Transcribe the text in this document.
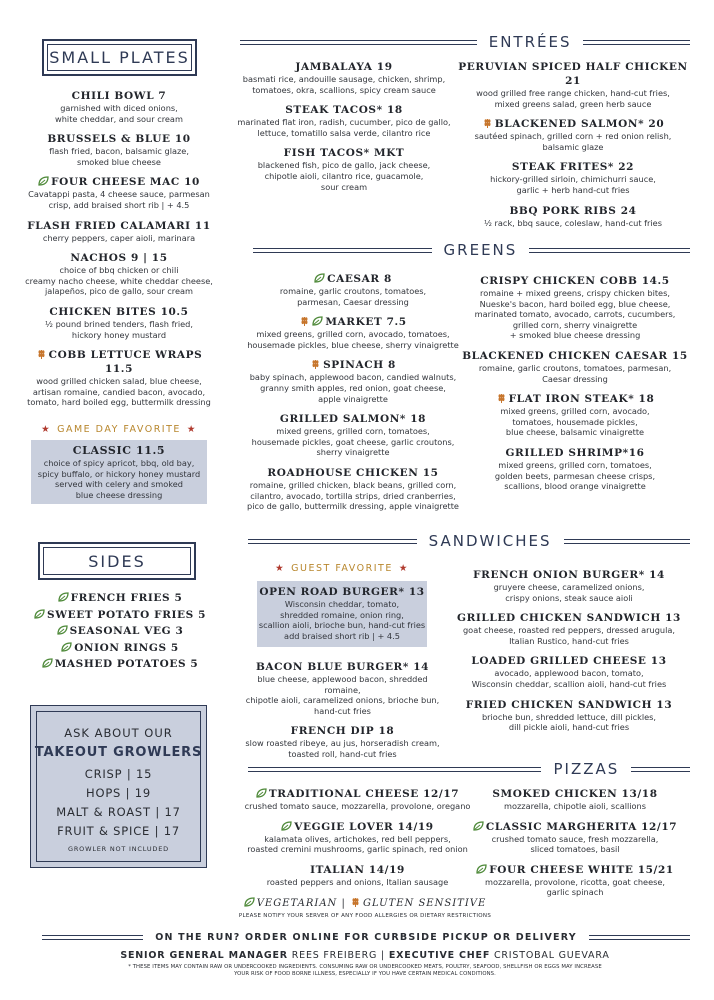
SMALL PLATES
CHILI BOWL 7
garnished with diced onions,
white cheddar, and sour cream
BRUSSELS & BLUE 10
flash fried, bacon, balsamic glaze,
smoked blue cheese
FOUR CHEESE MAC 10
Cavatappi pasta, 4 cheese sauce, parmesan
crisp, add braised short rib | + 4.5
FLASH FRIED CALAMARI 11
cherry peppers, caper aioli, marinara
NACHOS 9 | 15
choice of bbq chicken or chili
creamy nacho cheese, white cheddar cheese,
jalapeños, pico de gallo, sour cream
CHICKEN BITES 10.5
½ pound brined tenders, flash fried,
hickory honey mustard
COBB LETTUCE WRAPS 11.5
wood grilled chicken salad, blue cheese,
artisan romaine, candied bacon, avocado,
tomato, hard boiled egg, buttermilk dressing
★ GAME DAY FAVORITE ★
CLASSIC 11.5
choice of spicy apricot, bbq, old bay,
spicy buffalo, or hickory honey mustard
served with celery and smoked
blue cheese dressing
SIDES
FRENCH FRIES 5
SWEET POTATO FRIES 5
SEASONAL VEG 3
ONION RINGS 5
MASHED POTATOES 5
ASK ABOUT OUR
TAKEOUT GROWLERS
CRISP | 15
HOPS | 19
MALT & ROAST | 17
FRUIT & SPICE | 17
GROWLER NOT INCLUDED
ENTRÉES
JAMBALAYA 19
basmati rice, andouille sausage, chicken, shrimp,
tomatoes, okra, scallions, spicy cream sauce
STEAK TACOS* 18
marinated flat iron, radish, cucumber, pico de gallo,
lettuce, tomatillo salsa verde, cilantro rice
FISH TACOS* MKT
blackened fish, pico de gallo, jack cheese,
chipotle aioli, cilantro rice, guacamole,
sour cream
PERUVIAN SPICED HALF CHICKEN 21
wood grilled free range chicken, hand-cut fries,
mixed greens salad, green herb sauce
BLACKENED SALMON* 20
sautéed spinach, grilled corn + red onion relish,
balsamic glaze
STEAK FRITES* 22
hickory-grilled sirloin, chimichurri sauce,
garlic + herb hand-cut fries
BBQ PORK RIBS 24
½ rack, bbq sauce, coleslaw, hand-cut fries
GREENS
CAESAR 8
romaine, garlic croutons, tomatoes,
parmesan, Caesar dressing
MARKET 7.5
mixed greens, grilled corn, avocado, tomatoes,
housemade pickles, blue cheese, sherry vinaigrette
SPINACH 8
baby spinach, applewood bacon, candied walnuts,
granny smith apples, red onion, goat cheese,
apple vinaigrette
GRILLED SALMON* 18
mixed greens, grilled corn, tomatoes,
housemade pickles, goat cheese, garlic croutons,
sherry vinaigrette
ROADHOUSE CHICKEN 15
romaine, grilled chicken, black beans, grilled corn,
cilantro, avocado, tortilla strips, dried cranberries,
pico de gallo, buttermilk dressing, apple vinaigrette
CRISPY CHICKEN COBB 14.5
romaine + mixed greens, crispy chicken bites,
Nueske's bacon, hard boiled egg, blue cheese,
marinated tomato, avocado, carrots, cucumbers,
grilled corn, sherry vinaigrette
+ smoked blue cheese dressing
BLACKENED CHICKEN CAESAR 15
romaine, garlic croutons, tomatoes, parmesan,
Caesar dressing
FLAT IRON STEAK* 18
mixed greens, grilled corn, avocado,
tomatoes, housemade pickles,
blue cheese, balsamic vinaigrette
GRILLED SHRIMP*16
mixed greens, grilled corn, tomatoes,
golden beets, parmesan cheese crisps,
scallions, blood orange vinaigrette
SANDWICHES
★ GUEST FAVORITE ★
OPEN ROAD BURGER* 13
Wisconsin cheddar, tomato,
shredded romaine, onion ring,
scallion aioli, brioche bun, hand-cut fries
add braised short rib | + 4.5
BACON BLUE BURGER* 14
blue cheese, applewood bacon, shredded romaine,
chipotle aioli, caramelized onions, brioche bun,
hand-cut fries
FRENCH DIP 18
slow roasted ribeye, au jus, horseradish cream,
toasted roll, hand-cut fries
FRENCH ONION BURGER* 14
gruyere cheese, caramelized onions,
crispy onions, steak sauce aioli
GRILLED CHICKEN SANDWICH 13
goat cheese, roasted red peppers, dressed arugula,
Italian Rustico, hand-cut fries
LOADED GRILLED CHEESE 13
avocado, applewood bacon, tomato,
Wisconsin cheddar, scallion aioli, hand-cut fries
FRIED CHICKEN SANDWICH 13
brioche bun, shredded lettuce, dill pickles,
dill pickle aioli, hand-cut fries
PIZZAS
TRADITIONAL CHEESE 12/17
crushed tomato sauce, mozzarella, provolone, oregano
VEGGIE LOVER 14/19
kalamata olives, artichokes, red bell peppers,
roasted cremini mushrooms, garlic spinach, red onion
ITALIAN 14/19
roasted peppers and onions, Italian sausage
SMOKED CHICKEN 13/18
mozzarella, chipotle aioli, scallions
CLASSIC MARGHERITA 12/17
crushed tomato sauce, fresh mozzarella,
sliced tomatoes, basil
FOUR CHEESE WHITE 15/21
mozzarella, provolone, ricotta, goat cheese,
garlic spinach
VEGETARIAN | GLUTEN SENSITIVE
PLEASE NOTIFY YOUR SERVER OF ANY FOOD ALLERGIES OR DIETARY RESTRICTIONS
ON THE RUN? ORDER ONLINE FOR CURBSIDE PICKUP OR DELIVERY
SENIOR GENERAL MANAGER REES FREIBERG | EXECUTIVE CHEF CRISTOBAL GUEVARA
* THESE ITEMS MAY CONTAIN RAW OR UNDERCOOKED INGREDIENTS. CONSUMING RAW OR UNDERCOOKED MEATS, POULTRY, SEAFOOD, SHELLFISH OR EGGS MAY INCREASE
YOUR RISK OF FOOD BORNE ILLNESS, ESPECIALLY IF YOU HAVE CERTAIN MEDICAL CONDITIONS.
